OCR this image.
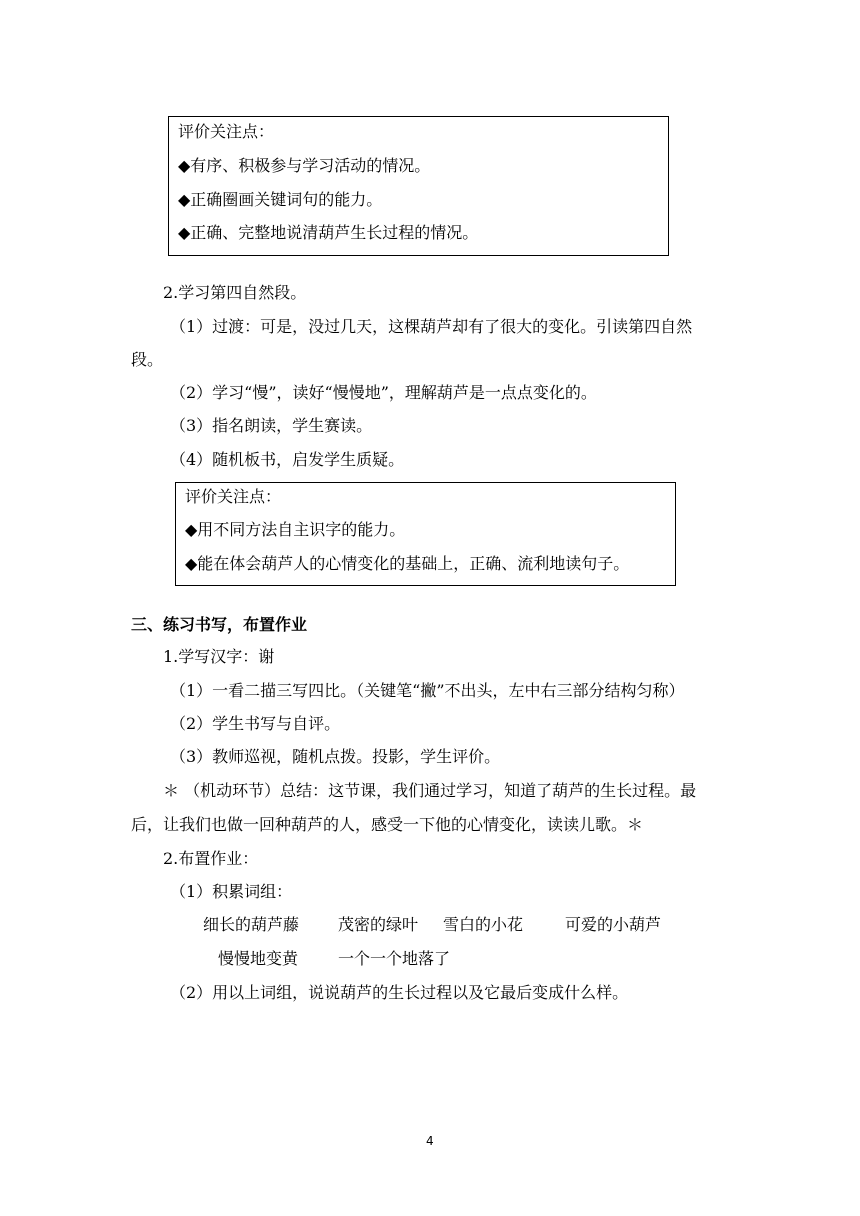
评价关注点：
◆有序、积极参与学习活动的情况。
◆正确圈画关键词句的能力。
◆正确、完整地说清葫芦生长过程的情况。
2.学习第四自然段。
（1）过渡：可是，没过几天，这棵葫芦却有了很大的变化。引读第四自然
段。
（2）学习“慢”，读好“慢慢地”，理解葫芦是一点点变化的。
（3）指名朗读，学生赛读。
（4）随机板书，启发学生质疑。
评价关注点：
◆用不同方法自主识字的能力。
◆能在体会葫芦人的心情变化的基础上，正确、流利地读句子。
三、练习书写，布置作业
1.学写汉字：谢
（1）一看二描三写四比。（关键笔“撇”不出头，左中右三部分结构匀称）
（2）学生书写与自评。
（3）教师巡视，随机点拨。投影，学生评价。
＊ （机动环节）总结：这节课，我们通过学习，知道了葫芦的生长过程。最
后，让我们也做一回种葫芦的人，感受一下他的心情变化，读读儿歌。＊
2.布置作业：
（1）积累词组：
细长的葫芦藤 茂密的绿叶 雪白的小花	可爱的小葫芦
慢慢地变黄 一个一个地落了
（2）用以上词组，说说葫芦的生长过程以及它最后变成什么样。
4
